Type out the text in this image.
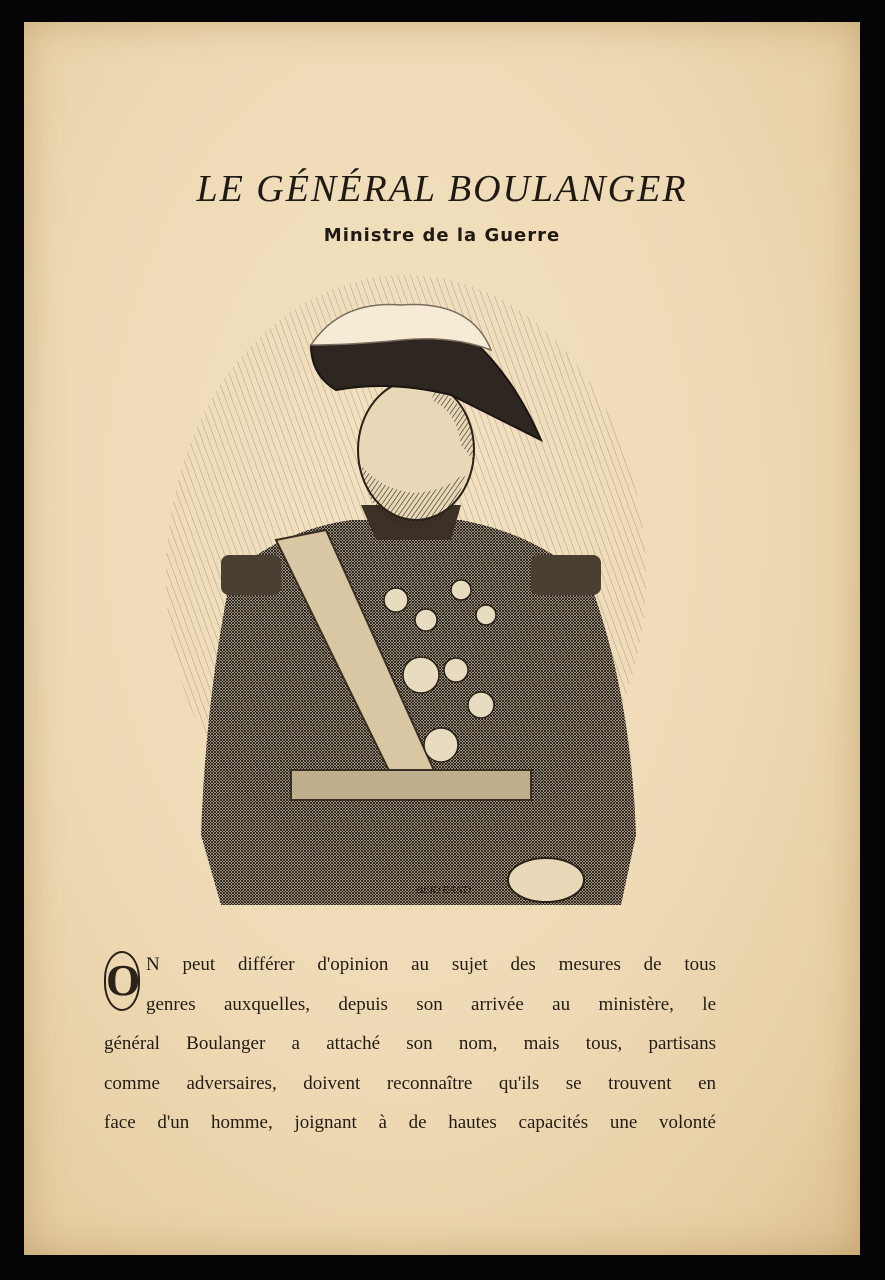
LE GÉNÉRAL BOULANGER
Ministre de la Guerre
BERTRAND
O N peut différer d'opinion au sujet des mesures de tous
genres auxquelles, depuis son arrivée au ministère, le
général Boulanger a attaché son nom, mais tous, partisans
comme adversaires, doivent reconnaître qu'ils se trouvent en
face d'un homme, joignant à de hautes capacités une volonté
